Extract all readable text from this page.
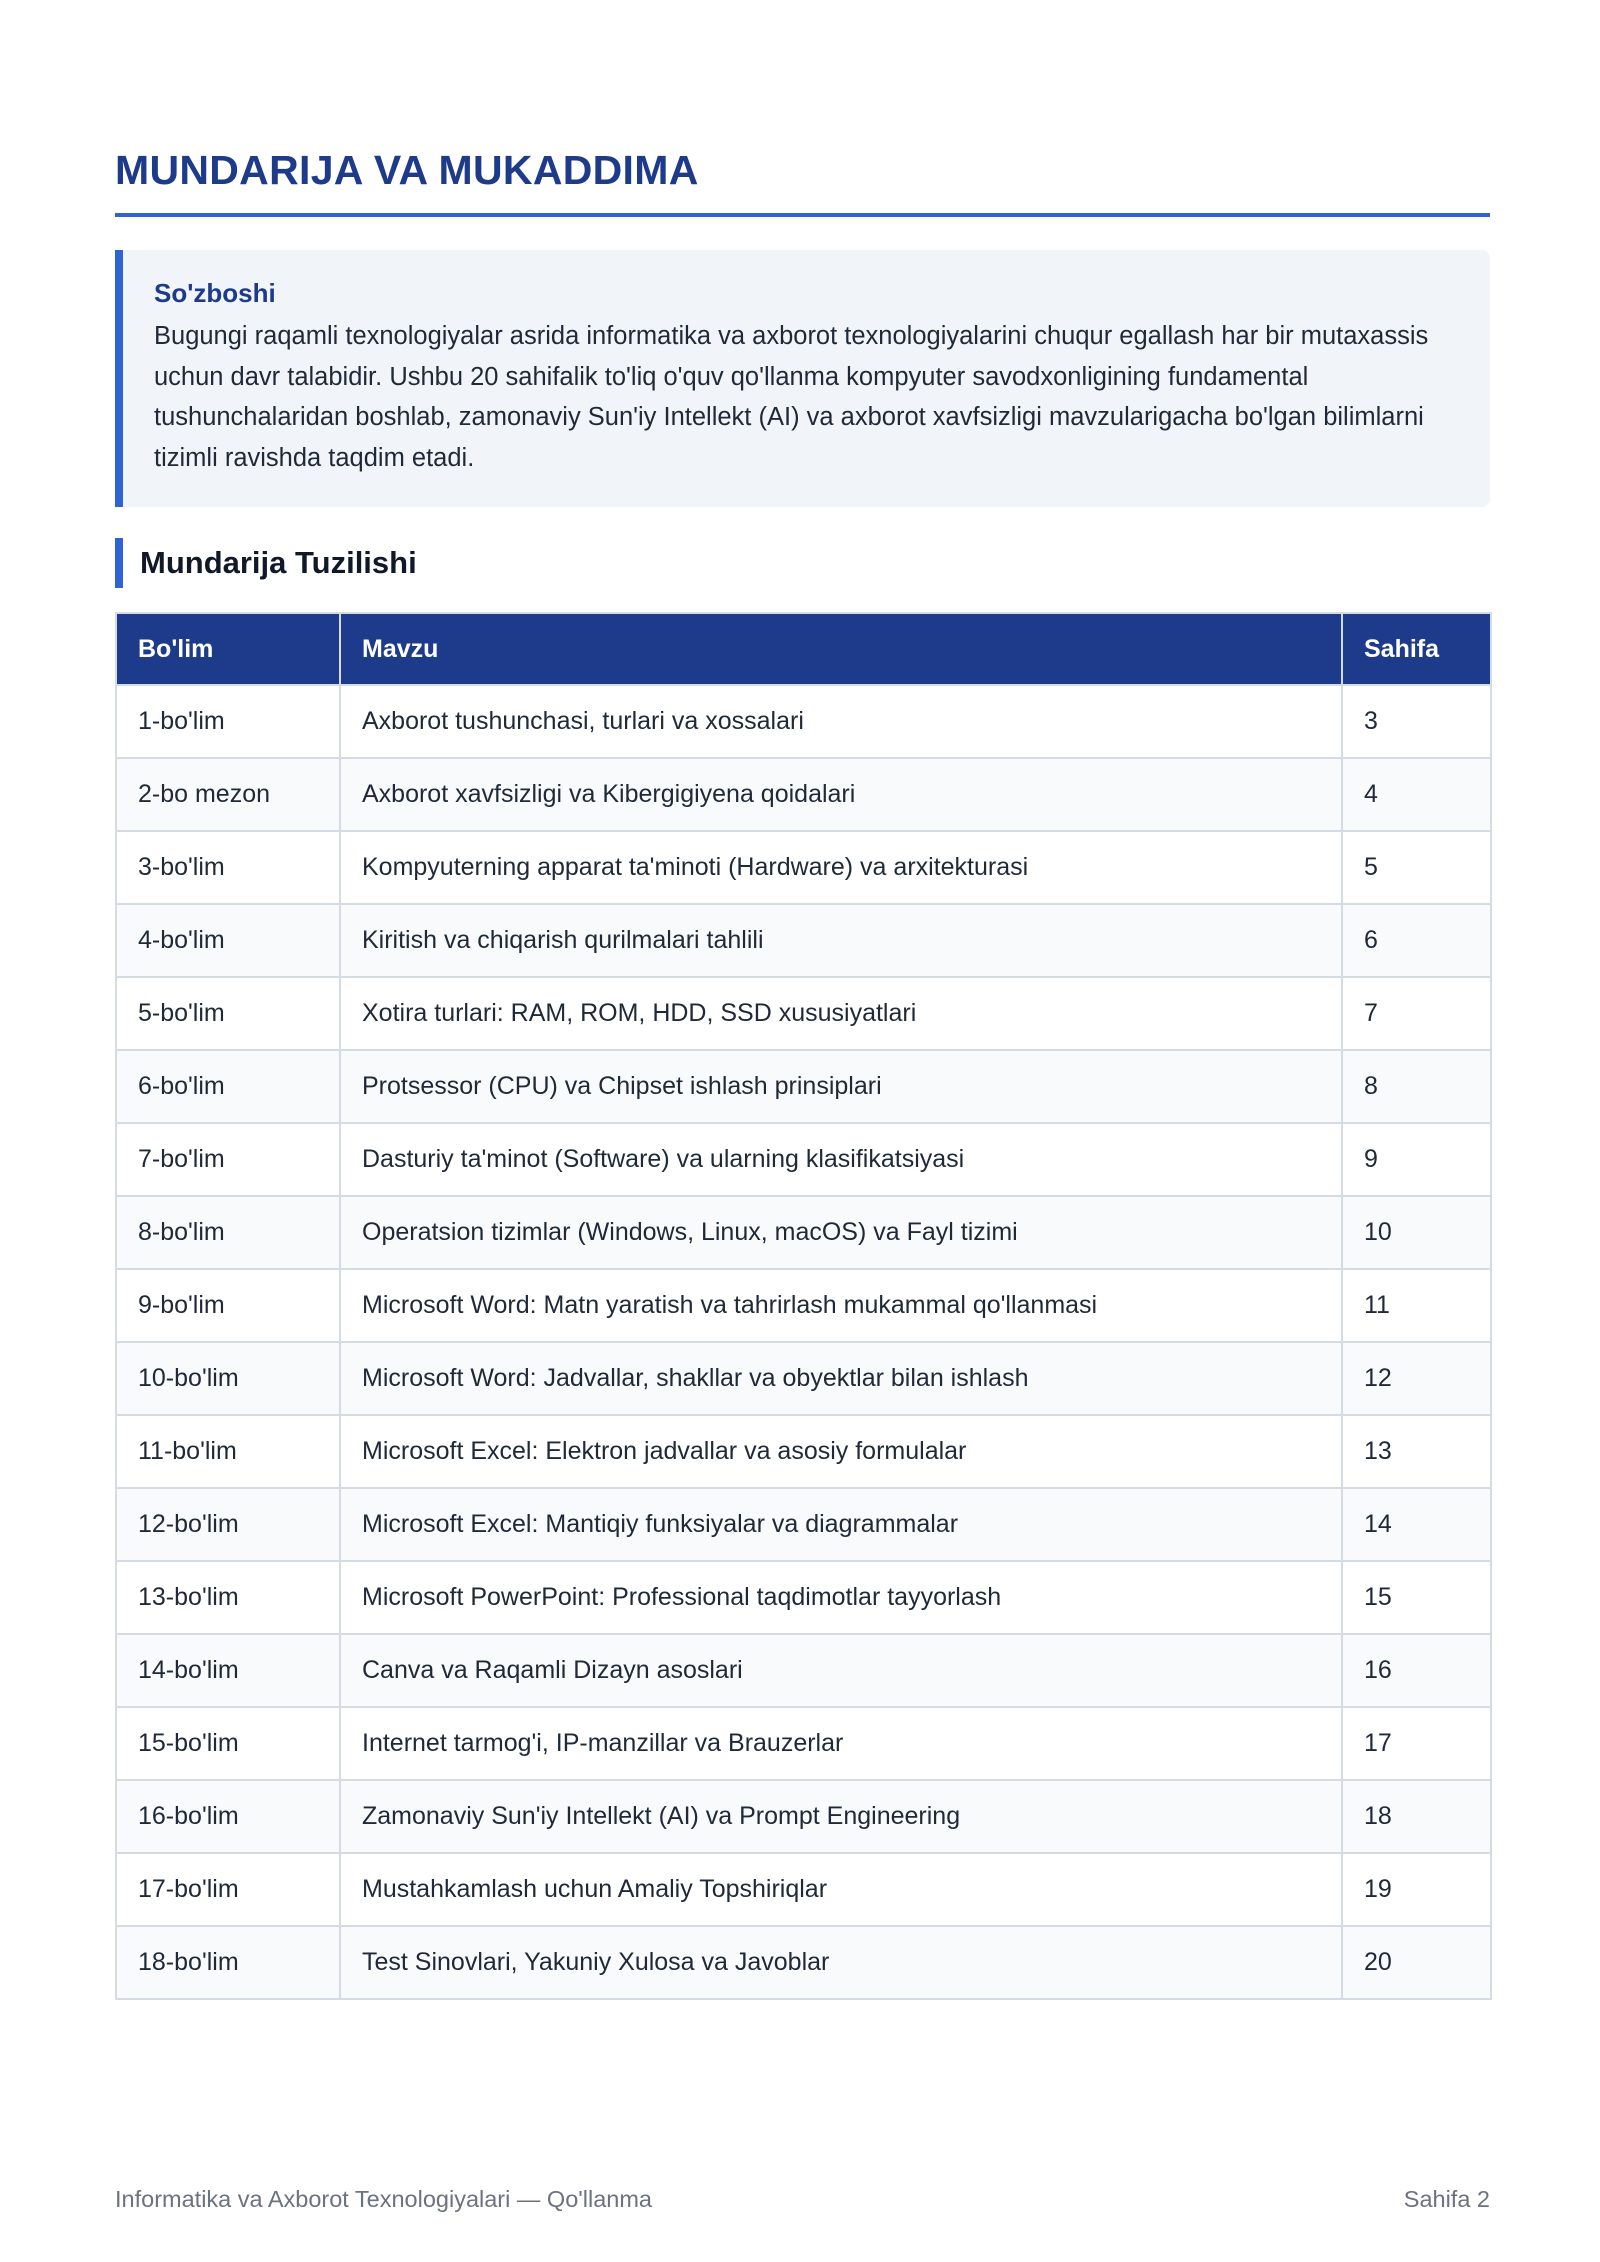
MUNDARIJA VA MUKADDIMA
So'zboshi

Bugungi raqamli texnologiyalar asrida informatika va axborot texnologiyalarini chuqur egallash har bir mutaxassis uchun davr talabidir. Ushbu 20 sahifalik to'liq o'quv qo'llanma kompyuter savodxonligining fundamental tushunchalaridan boshlab, zamonaviy Sun'iy Intellekt (AI) va axborot xavfsizligi mavzularigacha bo'lgan bilimlarni tizimli ravishda taqdim etadi.

Mundarija Tuzilishi
Bo'lim	Mavzu	Sahifa
1-bo'lim	Axborot tushunchasi, turlari va xossalari	3
2-bo mezon	Axborot xavfsizligi va Kibergigiyena qoidalari	4
3-bo'lim	Kompyuterning apparat ta'minoti (Hardware) va arxitekturasi	5
4-bo'lim	Kiritish va chiqarish qurilmalari tahlili	6
5-bo'lim	Xotira turlari: RAM, ROM, HDD, SSD xususiyatlari	7
6-bo'lim	Protsessor (CPU) va Chipset ishlash prinsiplari	8
7-bo'lim	Dasturiy ta'minot (Software) va ularning klasifikatsiyasi	9
8-bo'lim	Operatsion tizimlar (Windows, Linux, macOS) va Fayl tizimi	10
9-bo'lim	Microsoft Word: Matn yaratish va tahrirlash mukammal qo'llanmasi	11
10-bo'lim	Microsoft Word: Jadvallar, shakllar va obyektlar bilan ishlash	12
11-bo'lim	Microsoft Excel: Elektron jadvallar va asosiy formulalar	13
12-bo'lim	Microsoft Excel: Mantiqiy funksiyalar va diagrammalar	14
13-bo'lim	Microsoft PowerPoint: Professional taqdimotlar tayyorlash	15
14-bo'lim	Canva va Raqamli Dizayn asoslari	16
15-bo'lim	Internet tarmog'i, IP-manzillar va Brauzerlar	17
16-bo'lim	Zamonaviy Sun'iy Intellekt (AI) va Prompt Engineering	18
17-bo'lim	Mustahkamlash uchun Amaliy Topshiriqlar	19
18-bo'lim	Test Sinovlari, Yakuniy Xulosa va Javoblar	20
Informatika va Axborot Texnologiyalari — Qo'llanma	Sahifa 2
